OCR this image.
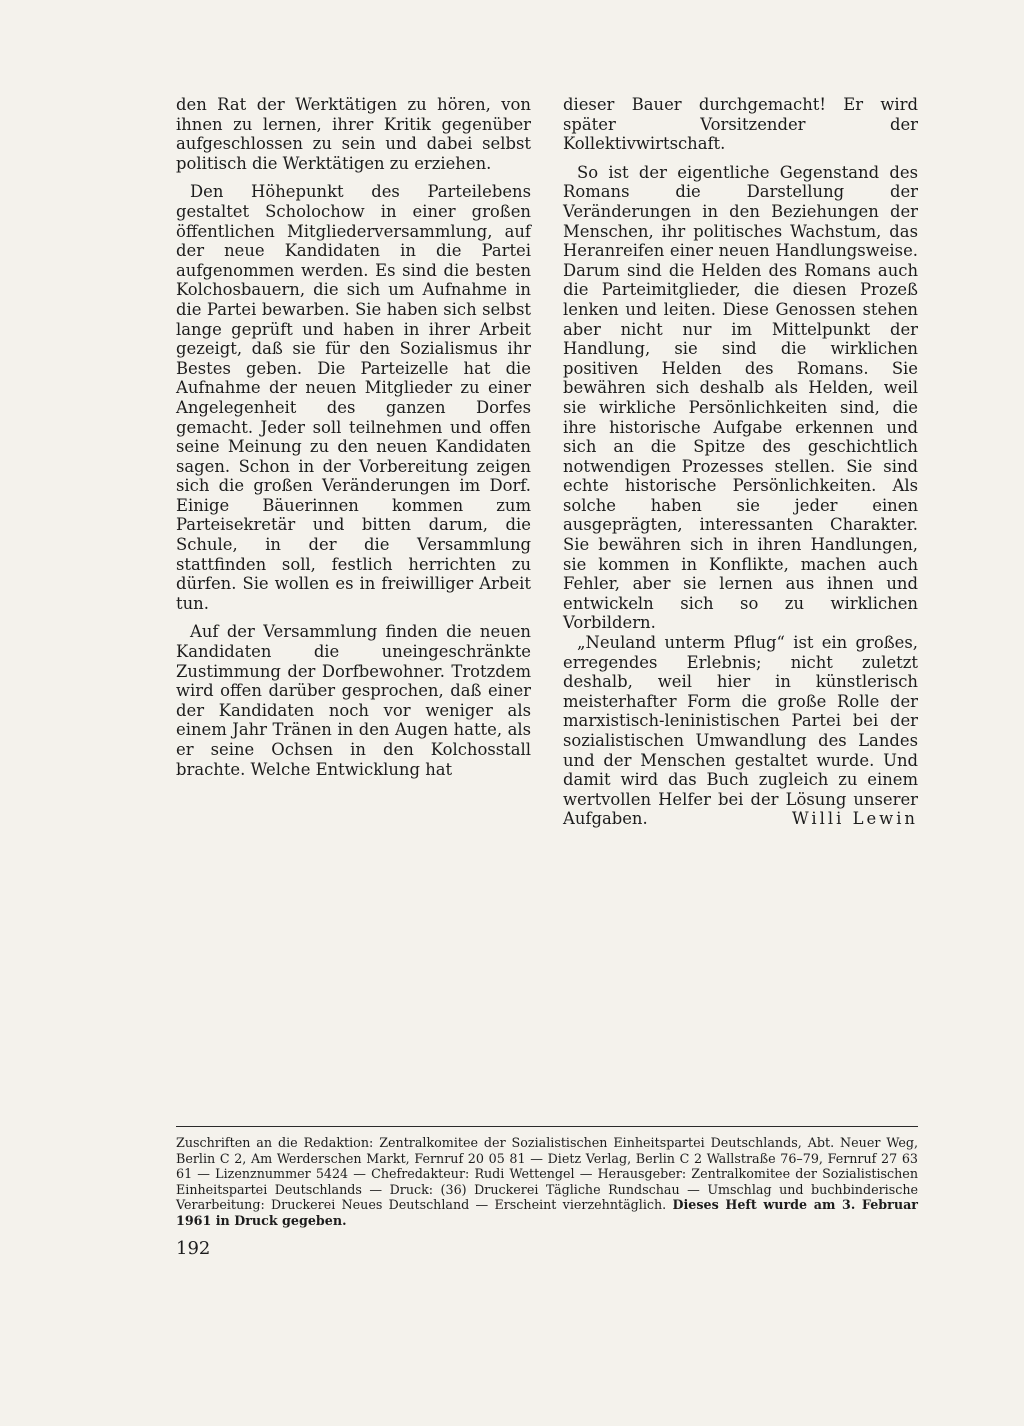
den Rat der Werktätigen zu hören, von ihnen zu lernen, ihrer Kritik gegenüber aufgeschlossen zu sein und dabei selbst politisch die Werktätigen zu erziehen.

Den Höhepunkt des Parteilebens gestaltet Scholochow in einer großen öffentlichen Mitgliederversammlung, auf der neue Kandidaten in die Partei aufgenommen werden. Es sind die besten Kolchosbauern, die sich um Aufnahme in die Partei bewarben. Sie haben sich selbst lange geprüft und haben in ihrer Arbeit gezeigt, daß sie für den Sozialismus ihr Bestes geben. Die Parteizelle hat die Aufnahme der neuen Mitglieder zu einer Angelegenheit des ganzen Dorfes gemacht. Jeder soll teilnehmen und offen seine Meinung zu den neuen Kandidaten sagen. Schon in der Vorbereitung zeigen sich die großen Veränderungen im Dorf. Einige Bäuerinnen kommen zum Parteisekretär und bitten darum, die Schule, in der die Versammlung stattfinden soll, festlich herrichten zu dürfen. Sie wollen es in freiwilliger Arbeit tun.

Auf der Versammlung finden die neuen Kandidaten die uneingeschränkte Zustimmung der Dorfbewohner. Trotzdem wird offen darüber gesprochen, daß einer der Kandidaten noch vor weniger als einem Jahr Tränen in den Augen hatte, als er seine Ochsen in den Kolchosstall brachte. Welche Entwicklung hat

dieser Bauer durchgemacht! Er wird später Vorsitzender der Kollektivwirtschaft.

So ist der eigentliche Gegenstand des Romans die Darstellung der Veränderungen in den Beziehungen der Menschen, ihr politisches Wachstum, das Heranreifen einer neuen Handlungsweise. Darum sind die Helden des Romans auch die Parteimitglieder, die diesen Prozeß lenken und leiten. Diese Genossen stehen aber nicht nur im Mittelpunkt der Handlung, sie sind die wirklichen positiven Helden des Romans. Sie bewähren sich deshalb als Helden, weil sie wirkliche Persönlichkeiten sind, die ihre historische Aufgabe erkennen und sich an die Spitze des geschichtlich notwendigen Prozesses stellen. Sie sind echte historische Persönlichkeiten. Als solche haben sie jeder einen ausgeprägten, interessanten Charakter. Sie bewähren sich in ihren Handlungen, sie kommen in Konflikte, machen auch Fehler, aber sie lernen aus ihnen und entwickeln sich so zu wirklichen Vorbildern.

„Neuland unterm Pflug“ ist ein großes, erregendes Erlebnis; nicht zuletzt deshalb, weil hier in künstlerisch meisterhafter Form die große Rolle der marxistisch-leninistischen Partei bei der sozialistischen Umwandlung des Landes und der Menschen gestaltet wurde. Und damit wird das Buch zugleich zu einem wertvollen Helfer bei der Lösung unserer Aufgaben.	Willi Lewin

Zuschriften an die Redaktion: Zentralkomitee der Sozialistischen Einheitspartei Deutschlands, Abt. Neuer Weg, Berlin C 2, Am Werderschen Markt, Fernruf 20 05 81 — Dietz Verlag, Berlin C 2 Wallstraße 76–79, Fernruf 27 63 61 — Lizenznummer 5424 — Chefredakteur: Rudi Wettengel — Herausgeber: Zentralkomitee der Sozialistischen Einheitspartei Deutschlands — Druck: (36) Druckerei Tägliche Rundschau — Umschlag und buchbinderische Verarbeitung: Druckerei Neues Deutschland — Erscheint vierzehntäglich. Dieses Heft wurde am 3. Februar 1961 in Druck gegeben.

192
